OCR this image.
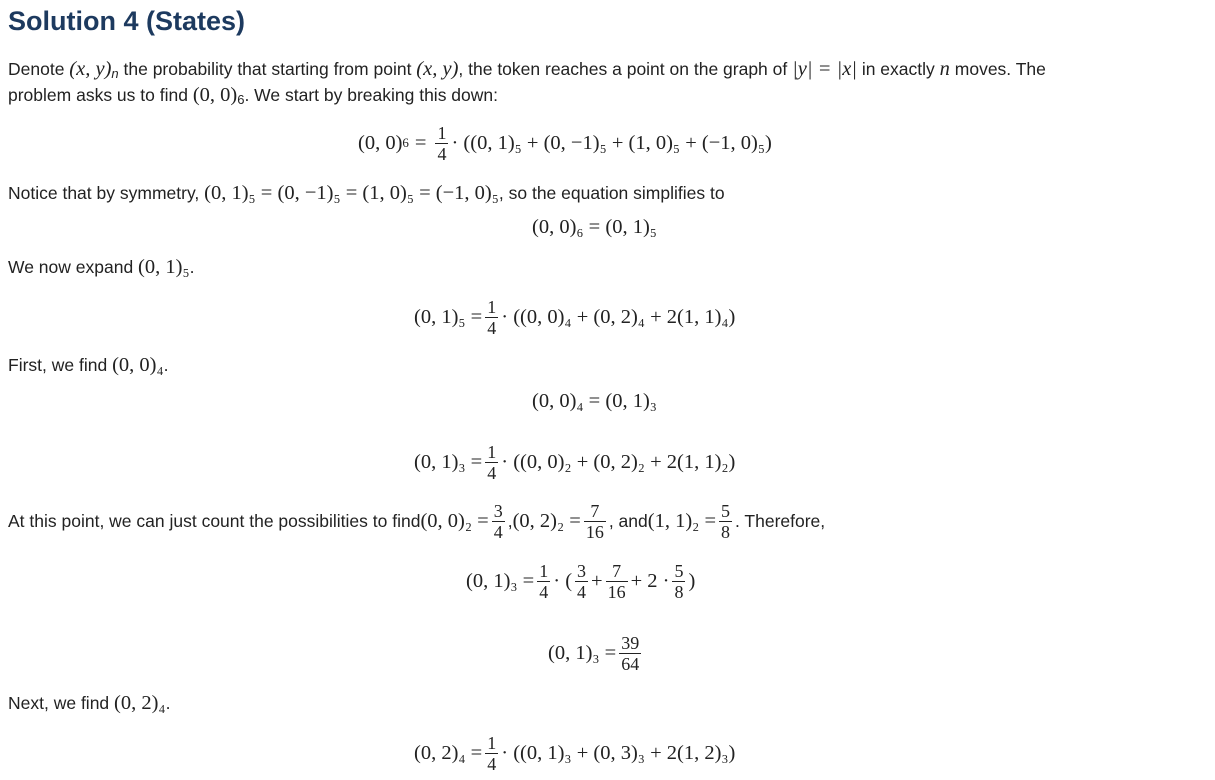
Solution 4 (States)
Denote (x, $y)_n$ the probability that starting from point (x, y), the token reaches a point on the graph of |y| = |x| in exactly n moves. The
problem asks us to find (0, $0)_6$. We start by breaking this down:
(0, 0) $6 = \frac{1}{4} \cdot ((0$, 1)₅ + (0, −1)₅ + (1, 0)₅ + (−1, 0)₅)
Notice that by symmetry, (0, 1)₅ = (0, −1)₅ = (1, 0)₅ = (−1, 0)₅, so the equation simplifies to
(0, 0)₆ = (0, 1)₅
We now expand (0, 1)₅.
(0, $1)_5 = \frac{1}{4} \cdot ((0$, 0)₄ + (0, 2)₄ + 2(1, 1)₄)
First, we find (0, 0)₄.
(0, 0)₄ = (0, 1)₃
(0, $1)_3 = \frac{1}{4} \cdot ((0$, 0)₂ + (0, 2)₂ + 2(1, 1)₂)
At this point, we can just count the possibilities to find (0, $0)_2 = \frac{3}{4}$ , (0, $2)_2 = \frac{7}{16}$ , and (1, $1)_2 = \frac{5}{8}$ . Therefore,
(0, $1)_3 = \frac{1}{4}$ · ( $\frac{3}{4} + \frac{7}{16} + 2 \cdot \frac{5}{8}$ )
(0, $1)_3 = \frac{39}{64}$
Next, we find (0, 2)₄.
(0, $2)_4 = \frac{1}{4} \cdot ((0$, 1)₃ + (0, 3)₃ + 2(1, 2)₃)
